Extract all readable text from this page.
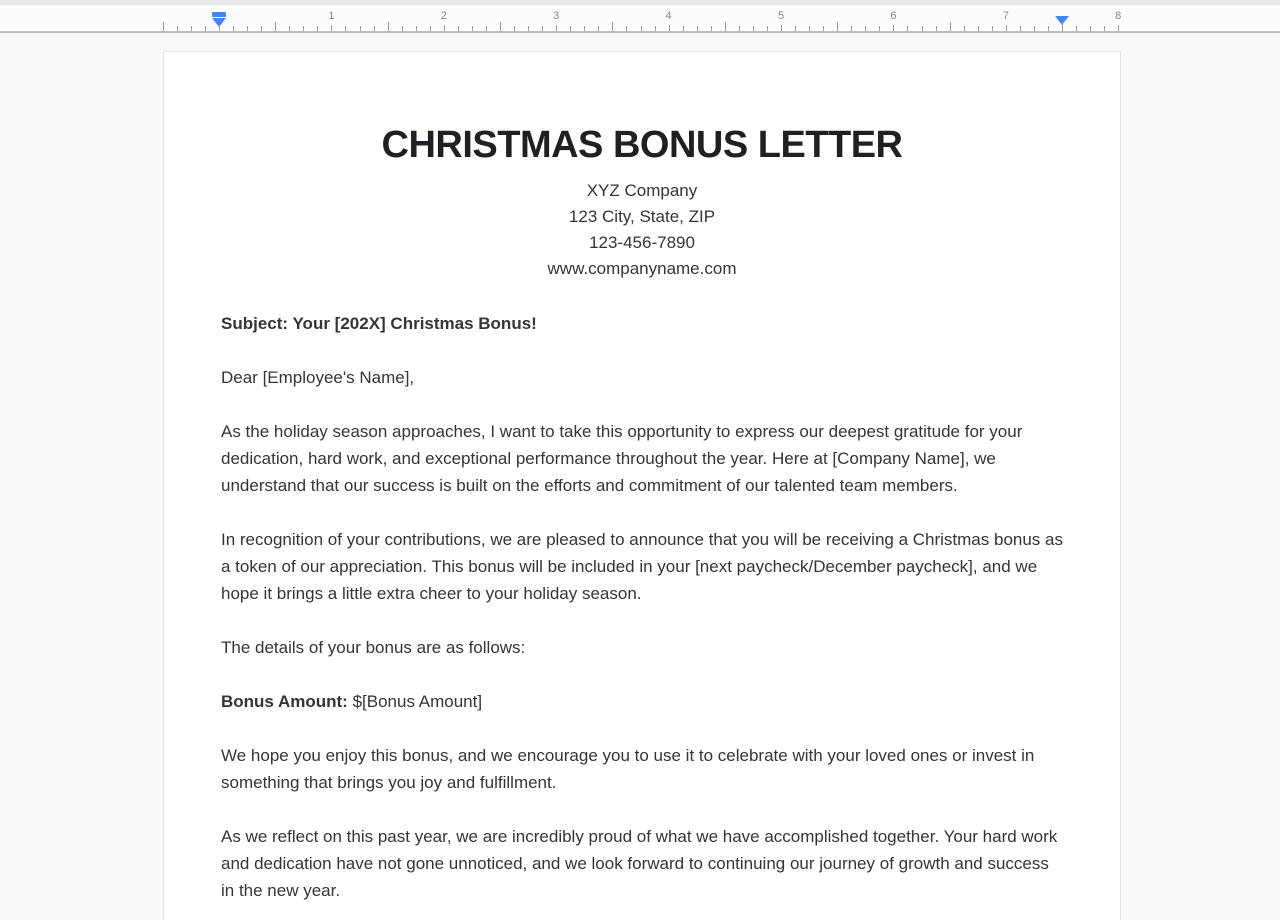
1	2	3	4	5	6	7	8
CHRISTMAS BONUS LETTER
XYZ Company
123 City, State, ZIP
123-456-7890
www.companyname.com

Subject: Your [202X] Christmas Bonus!

Dear [Employee's Name],

As the holiday season approaches, I want to take this opportunity to express our deepest gratitude for your dedication, hard work, and exceptional performance throughout the year. Here at [Company Name], we understand that our success is built on the efforts and commitment of our talented team members.

In recognition of your contributions, we are pleased to announce that you will be receiving a Christmas bonus as a token of our appreciation. This bonus will be included in your [next paycheck/December paycheck], and we hope it brings a little extra cheer to your holiday season.

The details of your bonus are as follows:

Bonus Amount: $[Bonus Amount]

We hope you enjoy this bonus, and we encourage you to use it to celebrate with your loved ones or invest in something that brings you joy and fulfillment.

As we reflect on this past year, we are incredibly proud of what we have accomplished together. Your hard work and dedication have not gone unnoticed, and we look forward to continuing our journey of growth and success in the new year.
